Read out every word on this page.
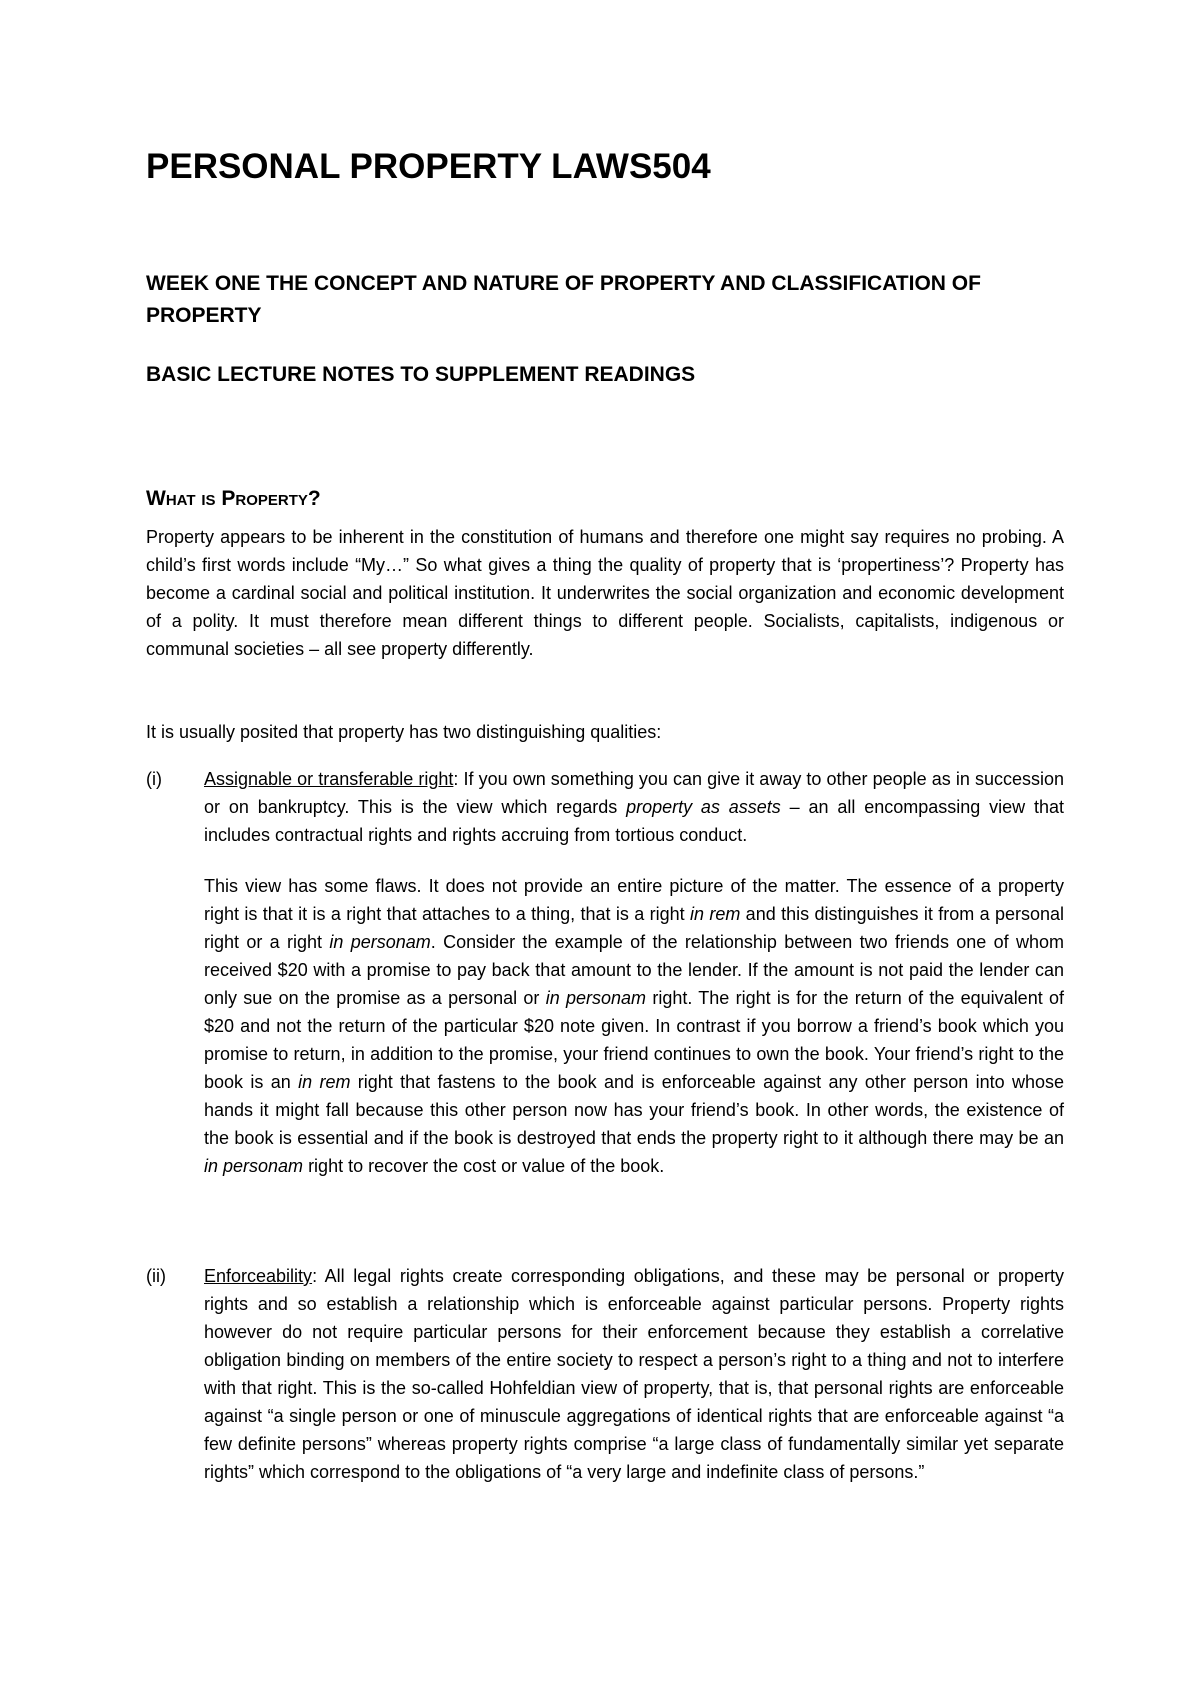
PERSONAL PROPERTY LAWS504
WEEK ONE THE CONCEPT AND NATURE OF PROPERTY AND CLASSIFICATION OF PROPERTY
BASIC LECTURE NOTES TO SUPPLEMENT READINGS
What is Property?

Property appears to be inherent in the constitution of humans and therefore one might say requires no probing. A child’s first words include “My…” So what gives a thing the quality of property that is ‘propertiness’? Property has become a cardinal social and political institution. It underwrites the social organization and economic development of a polity. It must therefore mean different things to different people. Socialists, capitalists, indigenous or communal societies – all see property differently.

It is usually posited that property has two distinguishing qualities:

(i) Assignable or transferable right: If you own something you can give it away to other people as in succession or on bankruptcy. This is the view which regards property as assets – an all encompassing view that includes contractual rights and rights accruing from tortious conduct.

This view has some flaws. It does not provide an entire picture of the matter. The essence of a property right is that it is a right that attaches to a thing, that is a right in rem and this distinguishes it from a personal right or a right in personam. Consider the example of the relationship between two friends one of whom received $20 with a promise to pay back that amount to the lender. If the amount is not paid the lender can only sue on the promise as a personal or in personam right. The right is for the return of the equivalent of $20 and not the return of the particular $20 note given. In contrast if you borrow a friend’s book which you promise to return, in addition to the promise, your friend continues to own the book. Your friend’s right to the book is an in rem right that fastens to the book and is enforceable against any other person into whose hands it might fall because this other person now has your friend’s book. In other words, the existence of the book is essential and if the book is destroyed that ends the property right to it although there may be an in personam right to recover the cost or value of the book.

(ii) Enforceability: All legal rights create corresponding obligations, and these may be personal or property rights and so establish a relationship which is enforceable against particular persons. Property rights however do not require particular persons for their enforcement because they establish a correlative obligation binding on members of the entire society to respect a person’s right to a thing and not to interfere with that right. This is the so-called Hohfeldian view of property, that is, that personal rights are enforceable against “a single person or one of minuscule aggregations of identical rights that are enforceable against “a few definite persons” whereas property rights comprise “a large class of fundamentally similar yet separate rights” which correspond to the obligations of “a very large and indefinite class of persons.”
